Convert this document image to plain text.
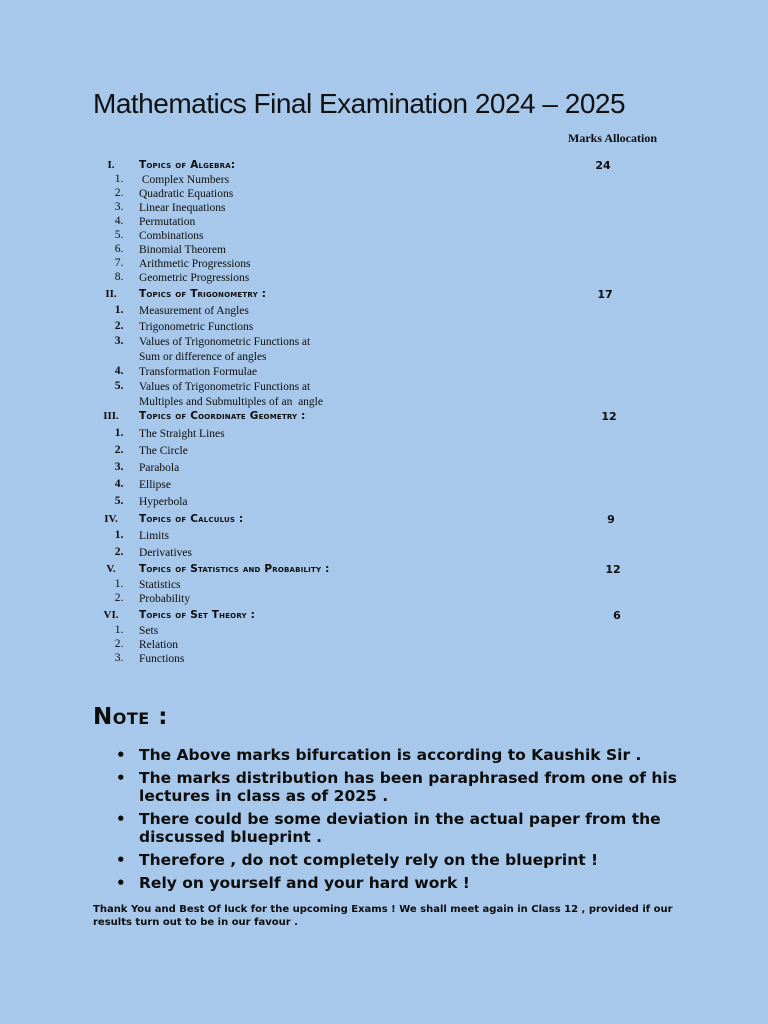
Mathematics Final Examination 2024 – 2025
Marks Allocation
I.	Topics of Algebra:	24
1.	Complex Numbers
2.	Quadratic Equations
3.	Linear Inequations
4.	Permutation
5.	Combinations
6.	Binomial Theorem
7.	Arithmetic Progressions
8.	Geometric Progressions
II.	Topics of Trigonometry :	17
1.	Measurement of Angles
2.	Trigonometric Functions
3.	Values of Trigonometric Functions at
Sum or difference of angles
4.	Transformation Formulae
5.	Values of Trigonometric Functions at
Multiples and Submultiples of an  angle
III.	Topics of Coordinate Geometry :	12
1.	The Straight Lines
2.	The Circle
3.	Parabola
4.	Ellipse
5.	Hyperbola
IV.	Topics of Calculus :	9
1.	Limits
2.	Derivatives
V.	Topics of Statistics and Probability :	12
1.	Statistics
2.	Probability
VI.	Topics of Set Theory :	6
1.	Sets
2.	Relation
3.	Functions
Note :
• The Above marks bifurcation is according to Kaushik Sir .
• The marks distribution has been paraphrased from one of his lectures in class as of 2025 .
• There could be some deviation in the actual paper from the discussed blueprint .
• Therefore , do not completely rely on the blueprint !
• Rely on yourself and your hard work !
Thank You and Best Of luck for the upcoming Exams ! We shall meet again in Class 12 , provided if our results turn out to be in our favour .
